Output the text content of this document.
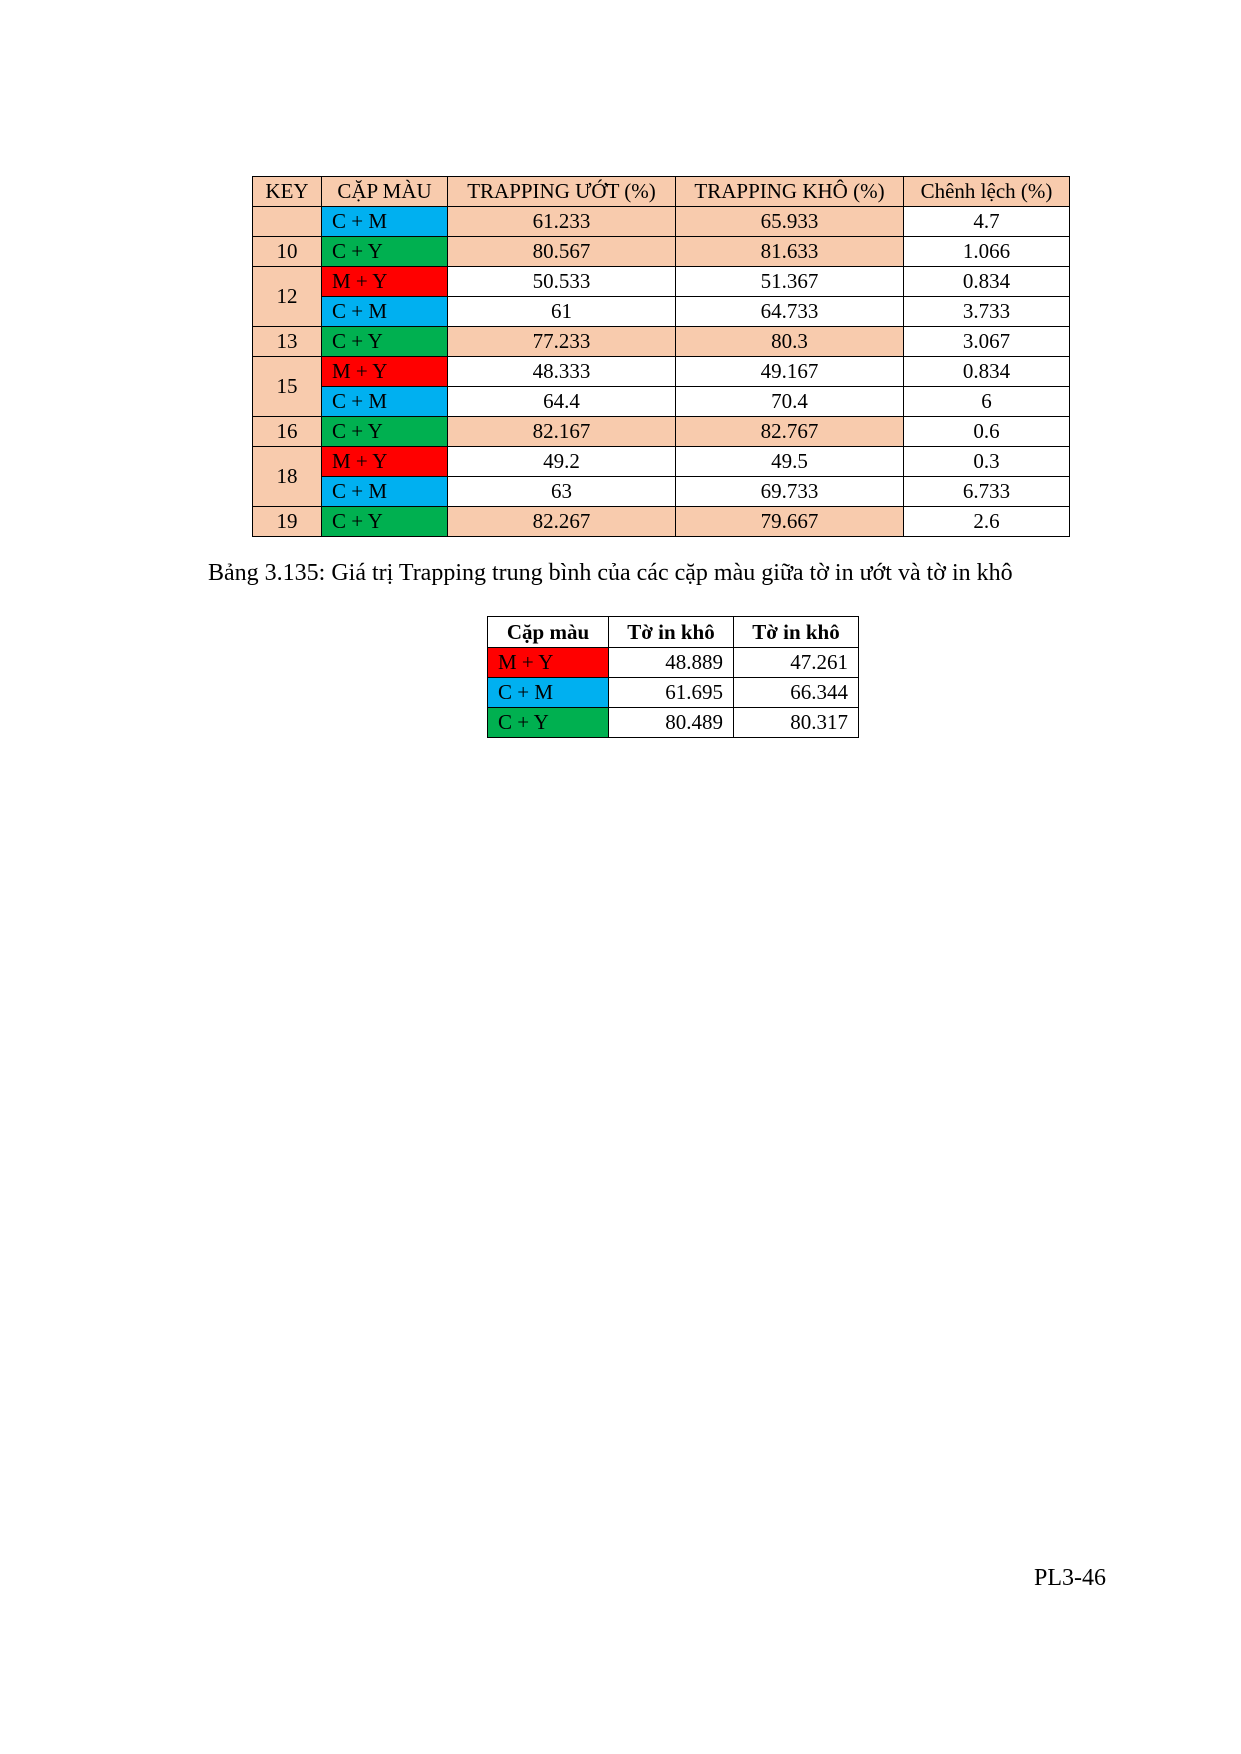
KEY	CẶP MÀU	TRAPPING ƯỚT (%)	TRAPPING KHÔ (%)	Chênh lệch (%)
	C + M	61.233	65.933	4.7
10	C + Y	80.567	81.633	1.066
12	M + Y	50.533	51.367	0.834
	C + M	61	64.733	3.733
13	C + Y	77.233	80.3	3.067
15	M + Y	48.333	49.167	0.834
	C + M	64.4	70.4	6
16	C + Y	82.167	82.767	0.6
18	M + Y	49.2	49.5	0.3
	C + M	63	69.733	6.733
19	C + Y	82.267	79.667	2.6
Bảng 3.135: Giá trị Trapping trung bình của các cặp màu giữa tờ in ướt và tờ in khô
Cặp màu	Tờ in khô	Tờ in khô
M + Y	48.889	47.261
C + M	61.695	66.344
C + Y	80.489	80.317
PL3-46
